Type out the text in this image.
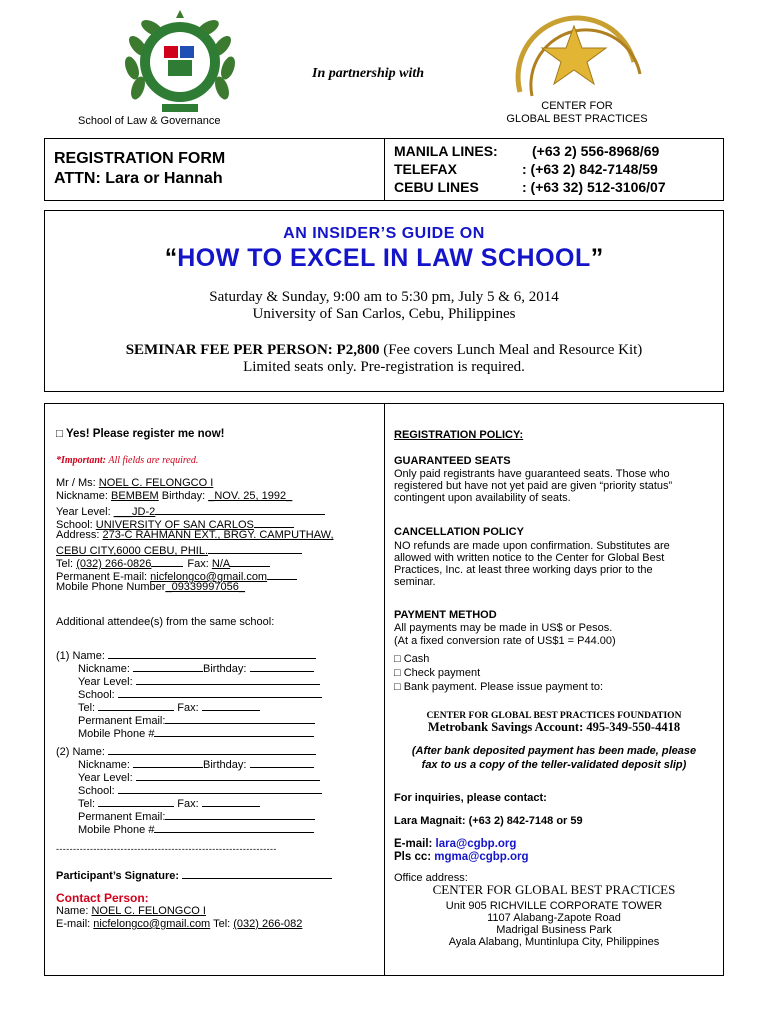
In partnership with
School of Law & Governance
CENTER FOR
GLOBAL BEST PRACTICES
REGISTRATION FORM
ATTN: Lara or Hannah
MANILA LINES: (+63 2) 556-8968/69
TELEFAX	: (+63 2) 842-7148/59
CEBU LINES	: (+63 32) 512-3106/07
AN INSIDER’S GUIDE ON
“HOW TO EXCEL IN LAW SCHOOL”
Saturday & Sunday, 9:00 am to 5:30 pm, July 5 & 6, 2014
University of San Carlos, Cebu, Philippines
SEMINAR FEE PER PERSON: P2,800 (Fee covers Lunch Meal and Resource Kit)
Limited seats only. Pre-registration is required.
□ Yes! Please register me now!
*Important: All fields are required.
Mr / Ms: NOEL C. FELONGCO I
Nickname: BEMBEM Birthday: _NOV. 25, 1992_
Year Level: ___JD-2
School: UNIVERSITY OF SAN CARLOS
Address: 273-C RAHMANN EXT., BRGY. CAMPUTHAW,
CEBU CITY,6000 CEBU, PHIL.
Tel: (032) 266-0826	Fax: N/A
Permanent E-mail: nicfelongco@gmail.com
Mobile Phone Number_09339997056_
Additional attendee(s) from the same school:
(1) Name:
Nickname:	Birthday:
Year Level:
School:
Tel:	Fax:
Permanent Email:
Mobile Phone #
(2) Name:
Nickname:	Birthday:
Year Level:
School:
Tel:	Fax:
Permanent Email:
Mobile Phone #
-----------------------------------------------------------------
Participant’s Signature:
Contact Person:
Name: NOEL C. FELONGCO I
E-mail: nicfelongco@gmail.com Tel: (032) 266-082
REGISTRATION POLICY:
GUARANTEED SEATS
Only paid registrants have guaranteed seats. Those who
registered but have not yet paid are given “priority status”
contingent upon availability of seats.
CANCELLATION POLICY
NO refunds are made upon confirmation. Substitutes are
allowed with written notice to the Center for Global Best
Practices, Inc. at least three working days prior to the
seminar.
PAYMENT METHOD
All payments may be made in US$ or Pesos.
(At a fixed conversion rate of US$1 = P44.00)
□ Cash
□ Check payment
□ Bank payment. Please issue payment to:
CENTER FOR GLOBAL BEST PRACTICES FOUNDATION
Metrobank Savings Account: 495-349-550-4418
(After bank deposited payment has been made, please
fax to us a copy of the teller-validated deposit slip)
For inquiries, please contact:
Lara Magnait: (+63 2) 842-7148 or 59
E-mail: lara@cgbp.org
Pls cc: mgma@cgbp.org
Office address:
CENTER FOR GLOBAL BEST PRACTICES
Unit 905 RICHVILLE CORPORATE TOWER
1107 Alabang-Zapote Road
Madrigal Business Park
Ayala Alabang, Muntinlupa City, Philippines
